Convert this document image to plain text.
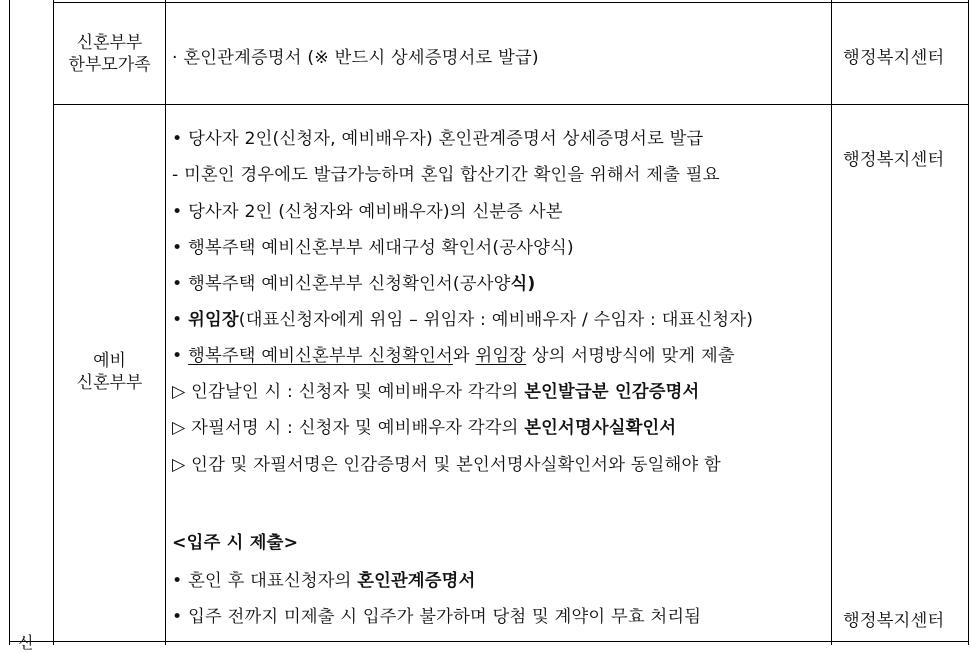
신
신혼부부
한부모가족	· 혼인관계증명서 (※ 반드시 상세증명서로 발급)	행정복지센터
예비
신혼부부
행정복지센터
행정복지센터
• 당사자 2인(신청자, 예비배우자) 혼인관계증명서 상세증명서로 발급
- 미혼인 경우에도 발급가능하며 혼입 합산기간 확인을 위해서 제출 필요
• 당사자 2인 (신청자와 예비배우자)의 신분증 사본
• 행복주택 예비신혼부부 세대구성 확인서(공사양식)
• 행복주택 예비신혼부부 신청확인서(공사양식)
• 위임장(대표신청자에게 위임 – 위임자 : 예비배우자 / 수임자 : 대표신청자)
• 행복주택 예비신혼부부 신청확인서와 위임장 상의 서명방식에 맞게 제출
▷ 인감날인 시 : 신청자 및 예비배우자 각각의 본인발급분 인감증명서
▷ 자필서명 시 : 신청자 및 예비배우자 각각의 본인서명사실확인서
▷ 인감 및 자필서명은 인감증명서 및 본인서명사실확인서와 동일해야 함
<입주 시 제출>
• 혼인 후 대표신청자의 혼인관계증명서
• 입주 전까지 미제출 시 입주가 불가하며 당첨 및 계약이 무효 처리됨
